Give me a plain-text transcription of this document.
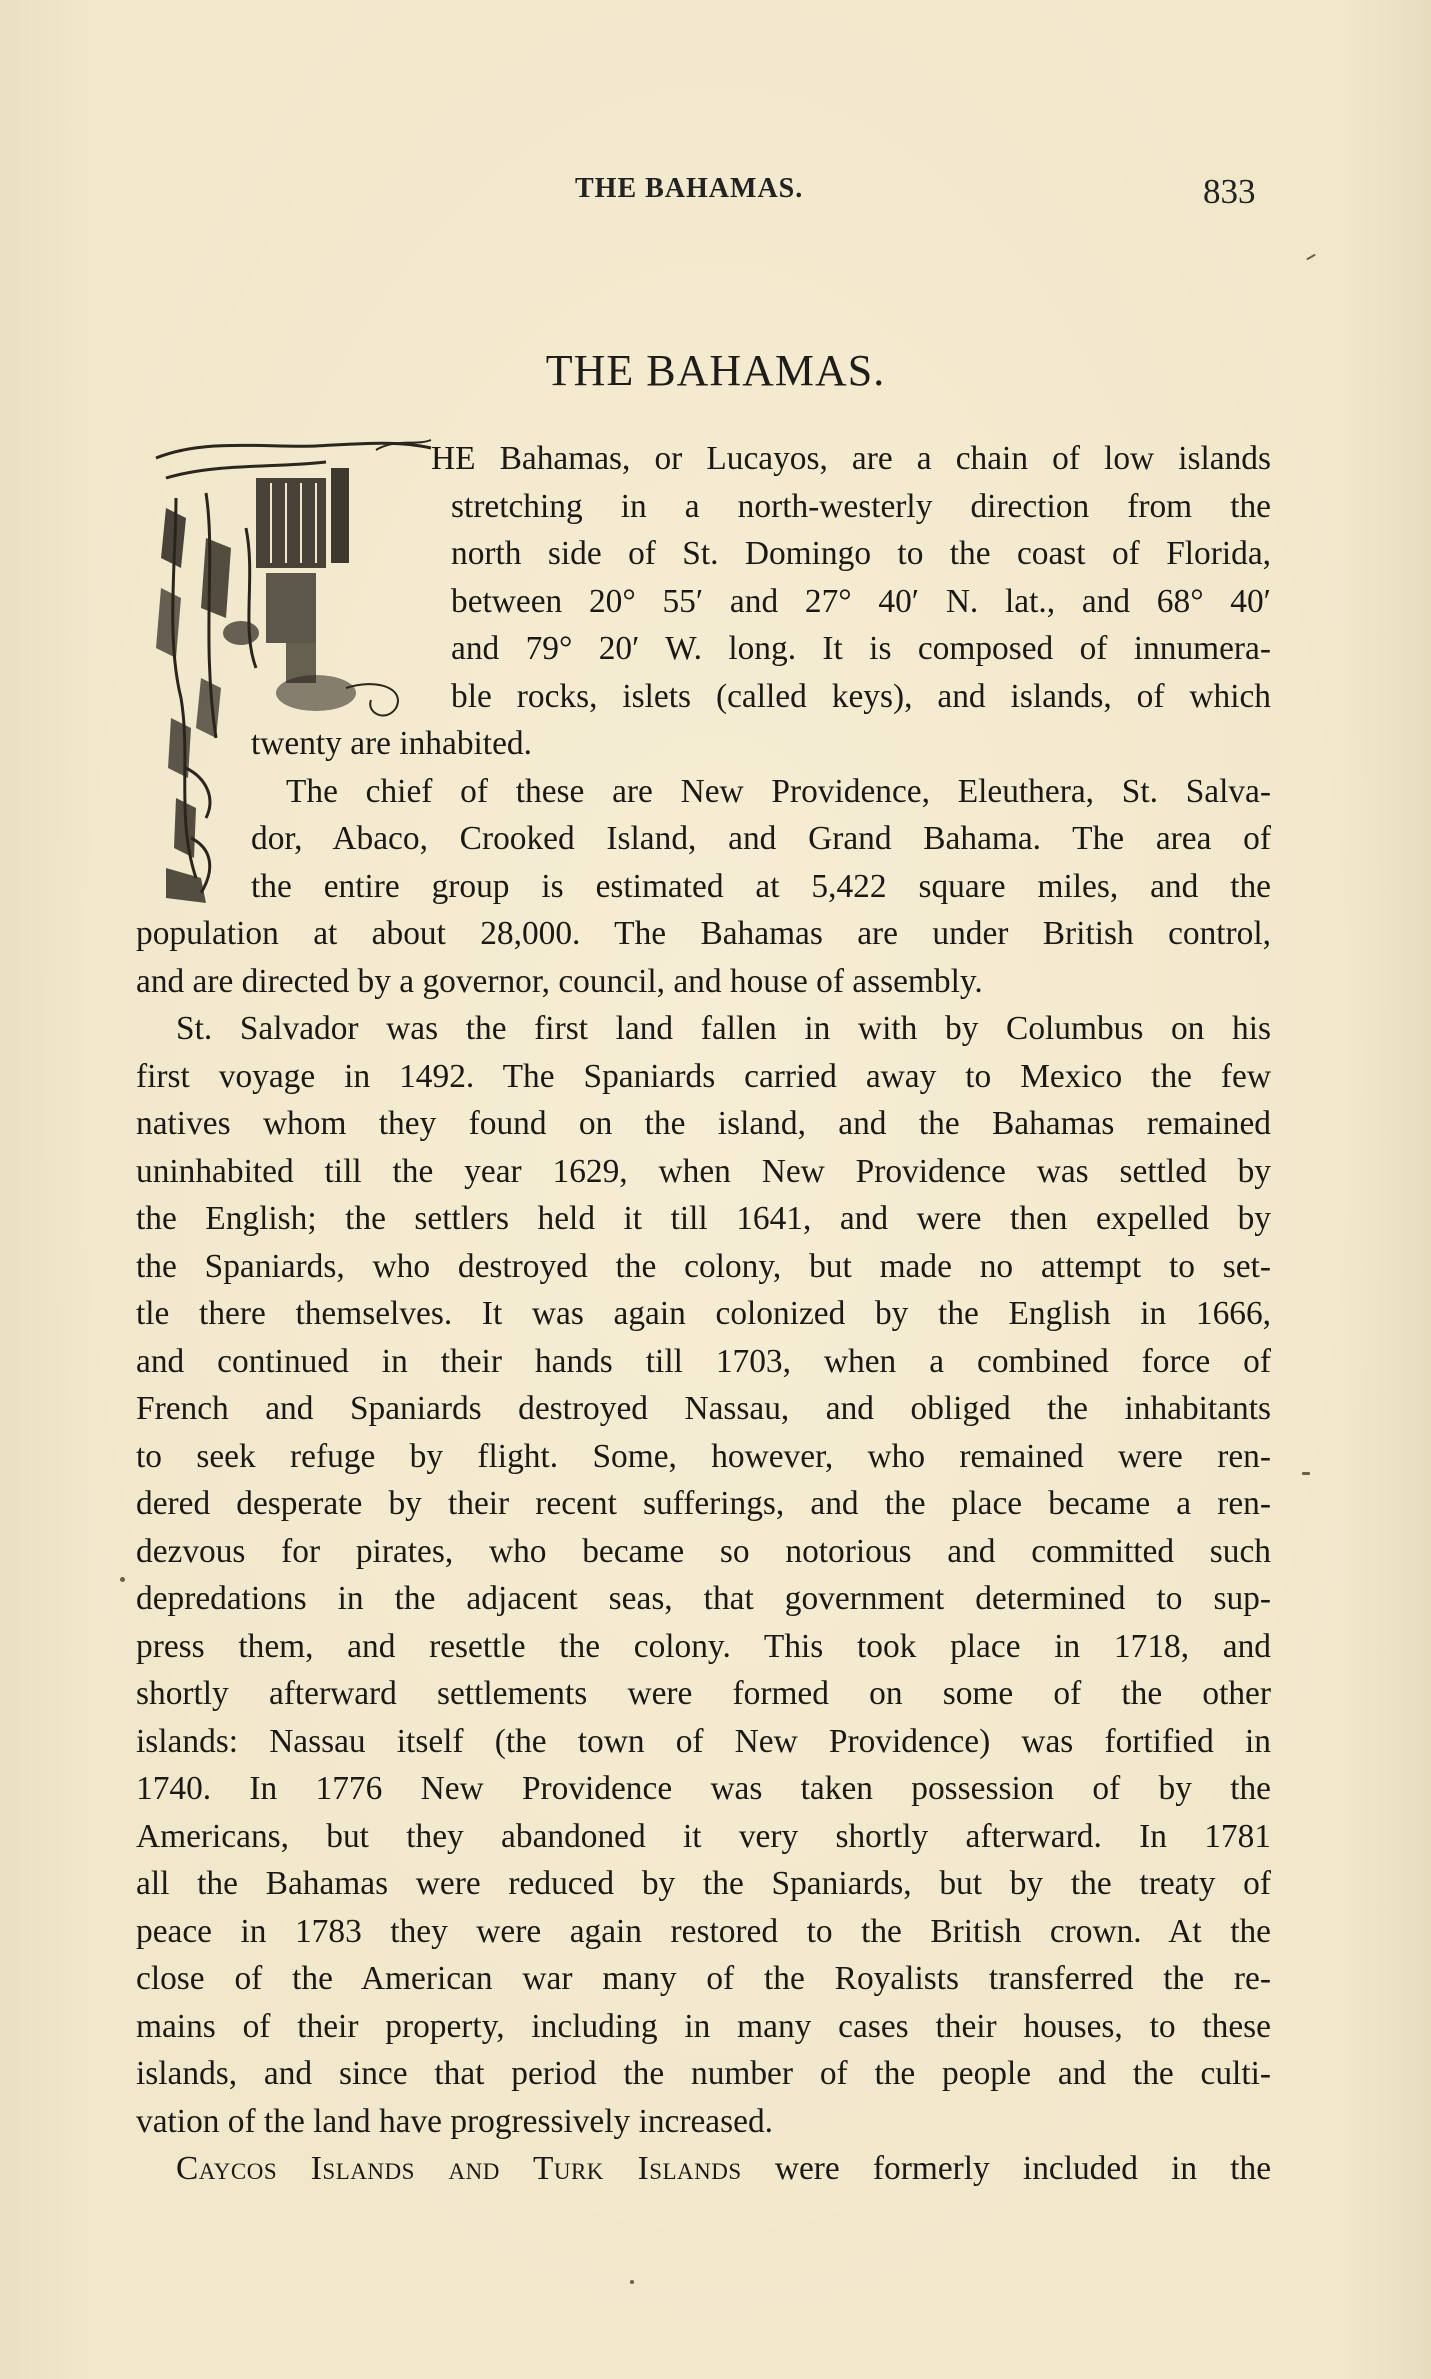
THE BAHAMAS.	833
THE BAHAMAS.
HE Bahamas, or Lucayos, are a chain of low islands
stretching in a north-westerly direction from the
north side of St. Domingo to the coast of Florida,
between 20° 55′ and 27° 40′ N. lat., and 68° 40′
and 79° 20′ W. long. It is composed of innumera-
ble rocks, islets (called keys), and islands, of which
twenty are inhabited.
The chief of these are New Providence, Eleuthera, St. Salva-
dor, Abaco, Crooked Island, and Grand Bahama. The area of
the entire group is estimated at 5,422 square miles, and the
population at about 28,000. The Bahamas are under British control,
and are directed by a governor, council, and house of assembly.
St. Salvador was the first land fallen in with by Columbus on his
first voyage in 1492. The Spaniards carried away to Mexico the few
natives whom they found on the island, and the Bahamas remained
uninhabited till the year 1629, when New Providence was settled by
the English; the settlers held it till 1641, and were then expelled by
the Spaniards, who destroyed the colony, but made no attempt to set-
tle there themselves. It was again colonized by the English in 1666,
and continued in their hands till 1703, when a combined force of
French and Spaniards destroyed Nassau, and obliged the inhabitants
to seek refuge by flight. Some, however, who remained were ren-
dered desperate by their recent sufferings, and the place became a ren-
dezvous for pirates, who became so notorious and committed such
depredations in the adjacent seas, that government determined to sup-
press them, and resettle the colony. This took place in 1718, and
shortly afterward settlements were formed on some of the other
islands: Nassau itself (the town of New Providence) was fortified in
1740. In 1776 New Providence was taken possession of by the
Americans, but they abandoned it very shortly afterward. In 1781
all the Bahamas were reduced by the Spaniards, but by the treaty of
peace in 1783 they were again restored to the British crown. At the
close of the American war many of the Royalists transferred the re-
mains of their property, including in many cases their houses, to these
islands, and since that period the number of the people and the culti-
vation of the land have progressively increased.
Caycos Islands and Turk Islands were formerly included in the
